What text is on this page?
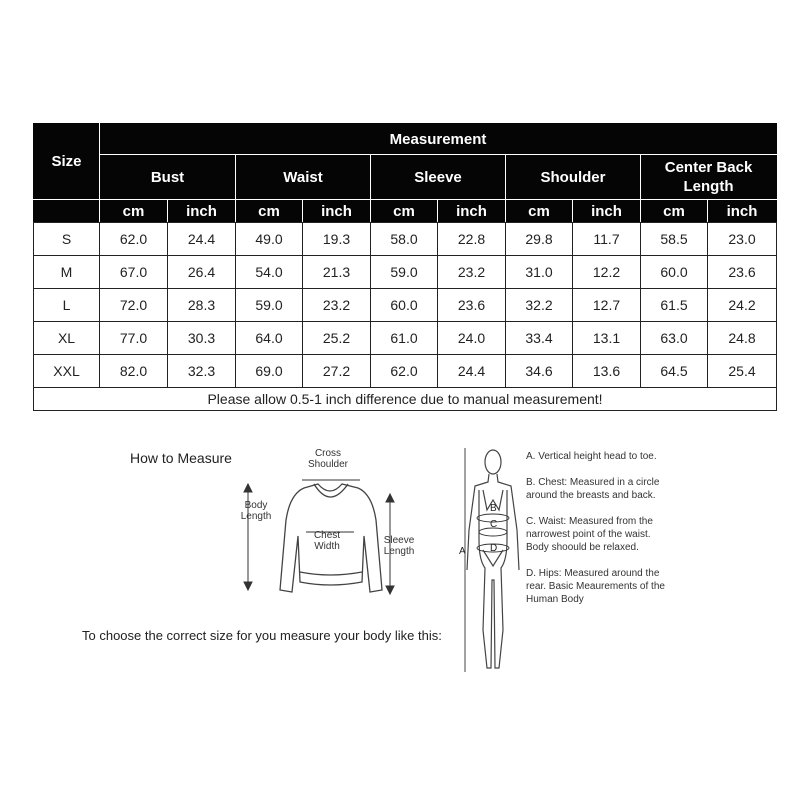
Size	Measurement									
	Bust		Waist		Sleeve		Shoulder		Center Back Length	
	cm	inch	cm	inch	cm	inch	cm	inch	cm	inch
S	62.0	24.4	49.0	19.3	58.0	22.8	29.8	11.7	58.5	23.0
M	67.0	26.4	54.0	21.3	59.0	23.2	31.0	12.2	60.0	23.6
L	72.0	28.3	59.0	23.2	60.0	23.6	32.2	12.7	61.5	24.2
XL	77.0	30.3	64.0	25.2	61.0	24.0	33.4	13.1	63.0	24.8
XXL	82.0	32.3	69.0	27.2	62.0	24.4	34.6	13.6	64.5	25.4
Please allow 0.5-1 inch difference due to manual measurement!										
How to Measure	Cross Shoulder
Body Length
Chest Width
Sleeve Length
To choose the correct size for you measure your body like this:
A
B
C
D
A. Vertical height head to toe.
B. Chest: Measured in a circle around the breasts and back.
C. Waist: Measured from the narrowest point of the waist. Body shoould be relaxed.
D. Hips: Measured around the rear. Basic Meaurements of the Human Body
